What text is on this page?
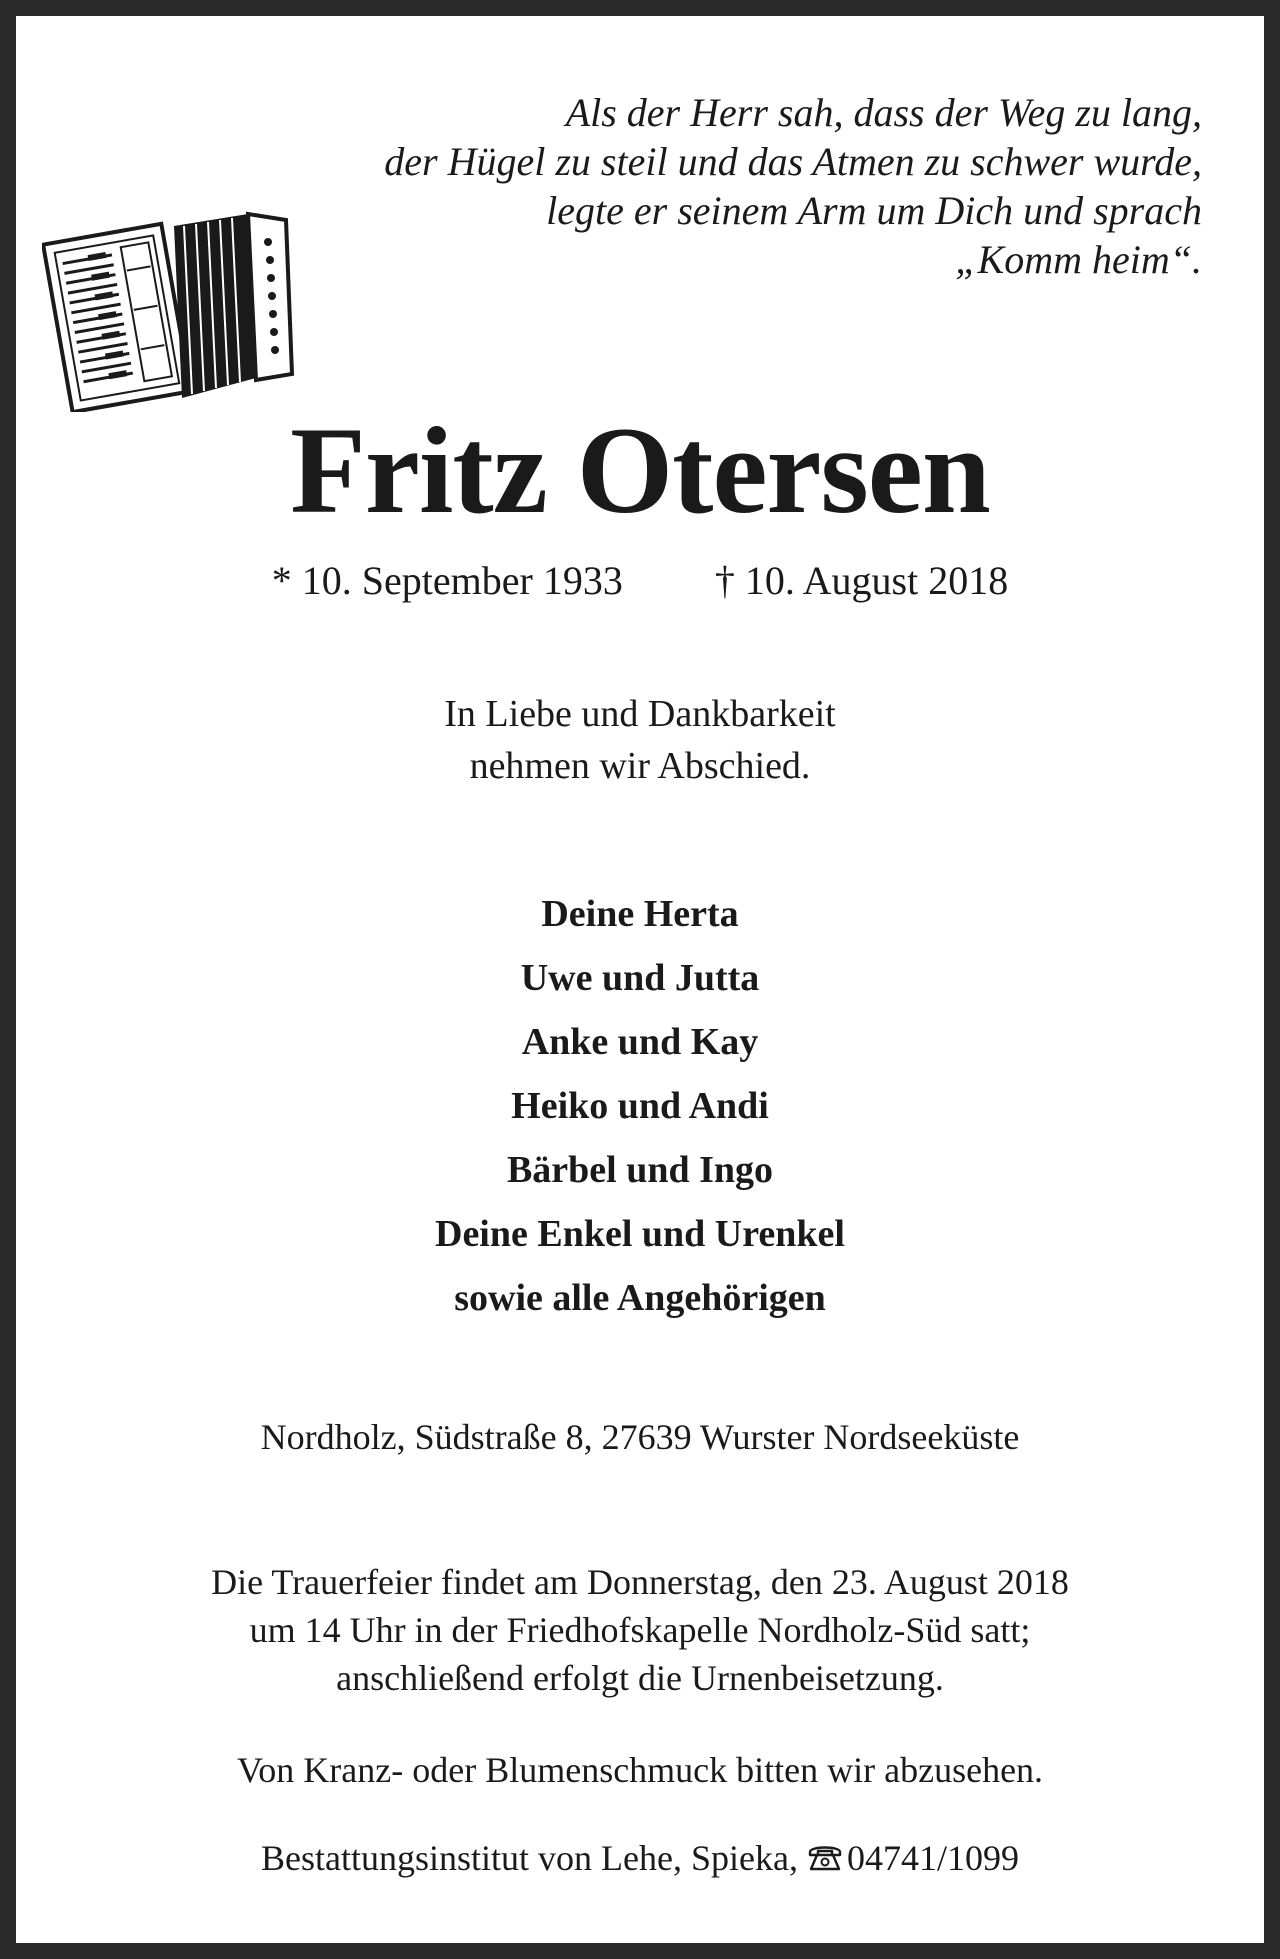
Als der Herr sah, dass der Weg zu lang,
der Hügel zu steil und das Atmen zu schwer wurde,
legte er seinem Arm um Dich und sprach
„Komm heim“.
Fritz Otersen
* 10. September 1933 † 10. August 2018
In Liebe und Dankbarkeit
nehmen wir Abschied.
Deine Herta
Uwe und Jutta
Anke und Kay
Heiko und Andi
Bärbel und Ingo
Deine Enkel und Urenkel
sowie alle Angehörigen
Nordholz, Südstraße 8, 27639 Wurster Nordseeküste
Die Trauerfeier findet am Donnerstag, den 23. August 2018
um 14 Uhr in der Friedhofskapelle Nordholz-Süd satt;
anschließend erfolgt die Urnenbeisetzung.
Von Kranz- oder Blumenschmuck bitten wir abzusehen.
Bestattungsinstitut von Lehe, Spieka, 04741/1099
